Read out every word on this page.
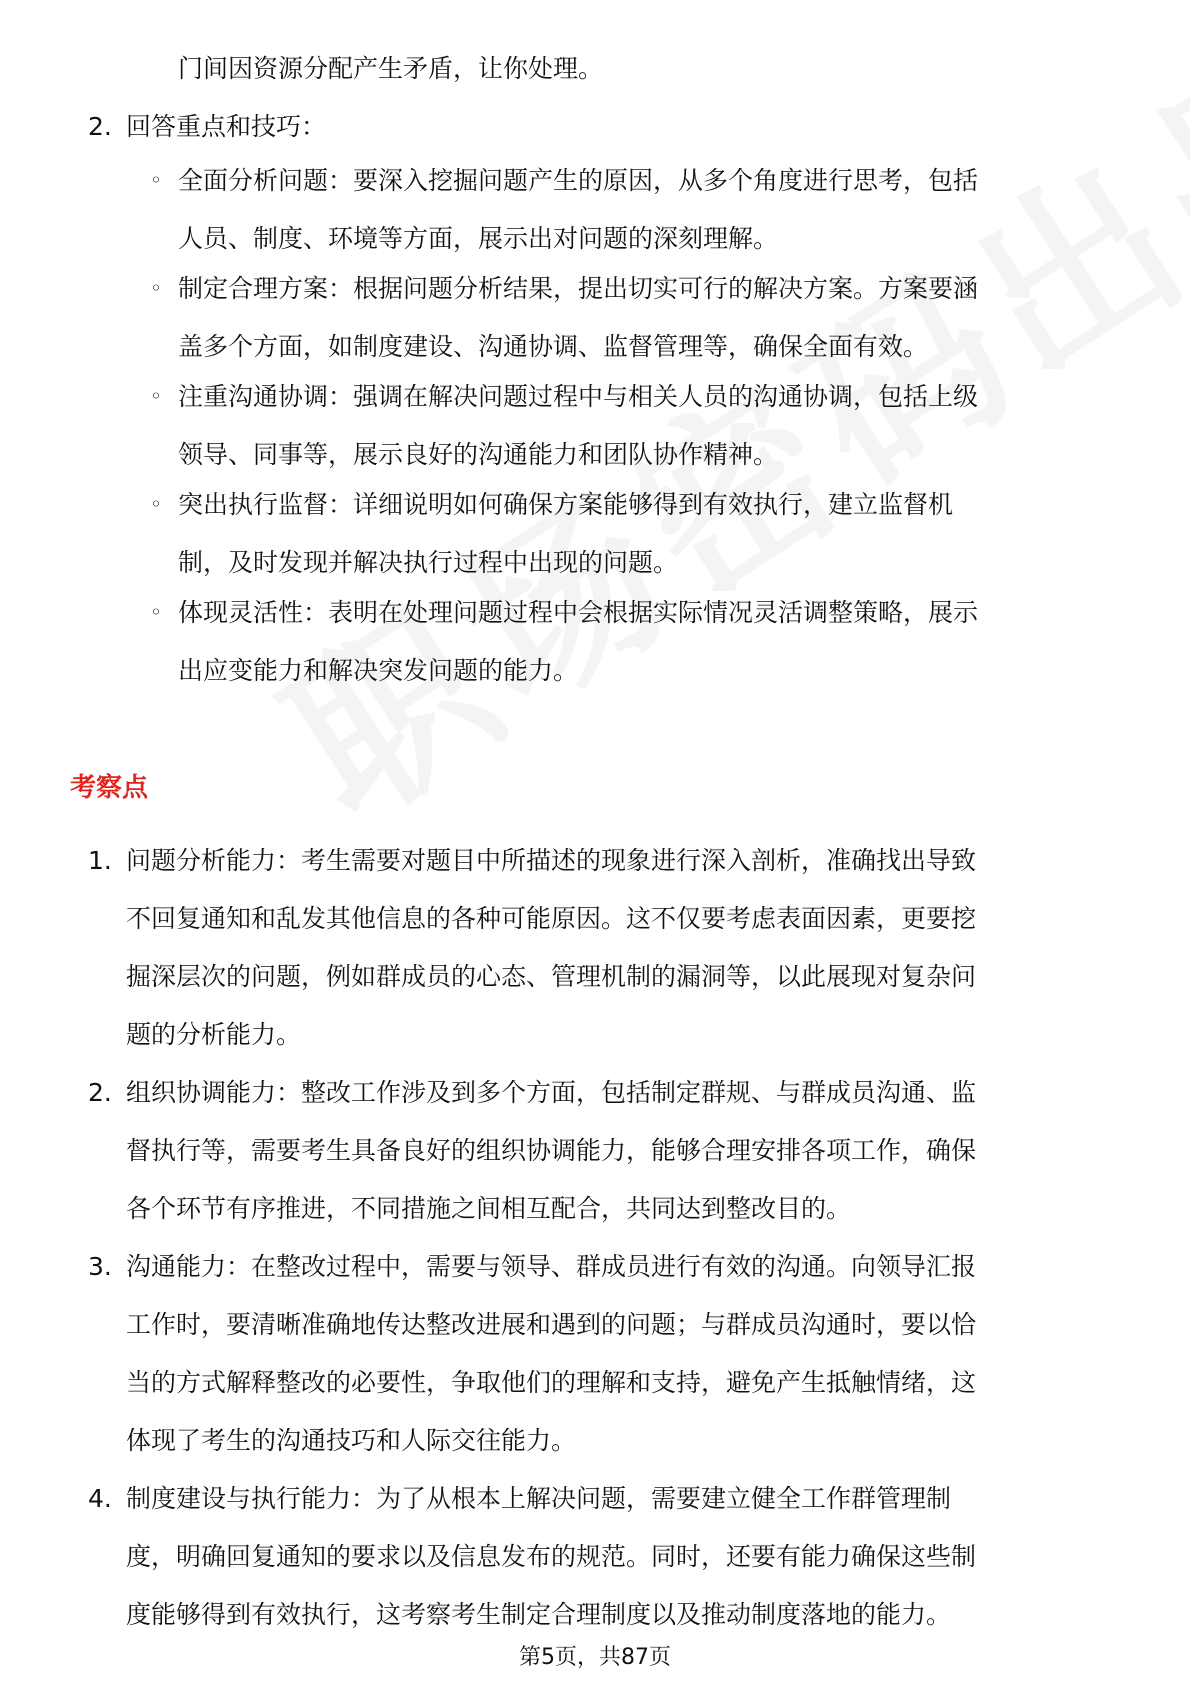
门间因资源分配产生矛盾，让你处理。
2. 回答重点和技巧：
◦ 全面分析问题：要深入挖掘问题产生的原因，从多个角度进行思考，包括
人员、制度、环境等方面，展示出对问题的深刻理解。
◦ 制定合理方案：根据问题分析结果，提出切实可行的解决方案。方案要涵
盖多个方面，如制度建设、沟通协调、监督管理等，确保全面有效。
◦ 注重沟通协调：强调在解决问题过程中与相关人员的沟通协调，包括上级
领导、同事等，展示良好的沟通能力和团队协作精神。
◦ 突出执行监督：详细说明如何确保方案能够得到有效执行，建立监督机
制，及时发现并解决执行过程中出现的问题。
◦ 体现灵活性：表明在处理问题过程中会根据实际情况灵活调整策略，展示
出应变能力和解决突发问题的能力。
考察点
1. 问题分析能力：考生需要对题目中所描述的现象进行深入剖析，准确找出导致
不回复通知和乱发其他信息的各种可能原因。这不仅要考虑表面因素，更要挖
掘深层次的问题，例如群成员的心态、管理机制的漏洞等，以此展现对复杂问
题的分析能力。
2. 组织协调能力：整改工作涉及到多个方面，包括制定群规、与群成员沟通、监
督执行等，需要考生具备良好的组织协调能力，能够合理安排各项工作，确保
各个环节有序推进，不同措施之间相互配合，共同达到整改目的。
3. 沟通能力：在整改过程中，需要与领导、群成员进行有效的沟通。向领导汇报
工作时，要清晰准确地传达整改进展和遇到的问题；与群成员沟通时，要以恰
当的方式解释整改的必要性，争取他们的理解和支持，避免产生抵触情绪，这
体现了考生的沟通技巧和人际交往能力。
4. 制度建设与执行能力：为了从根本上解决问题，需要建立健全工作群管理制
度，明确回复通知的要求以及信息发布的规范。同时，还要有能力确保这些制
度能够得到有效执行，这考察考生制定合理制度以及推动制度落地的能力。
第5页，共87页
